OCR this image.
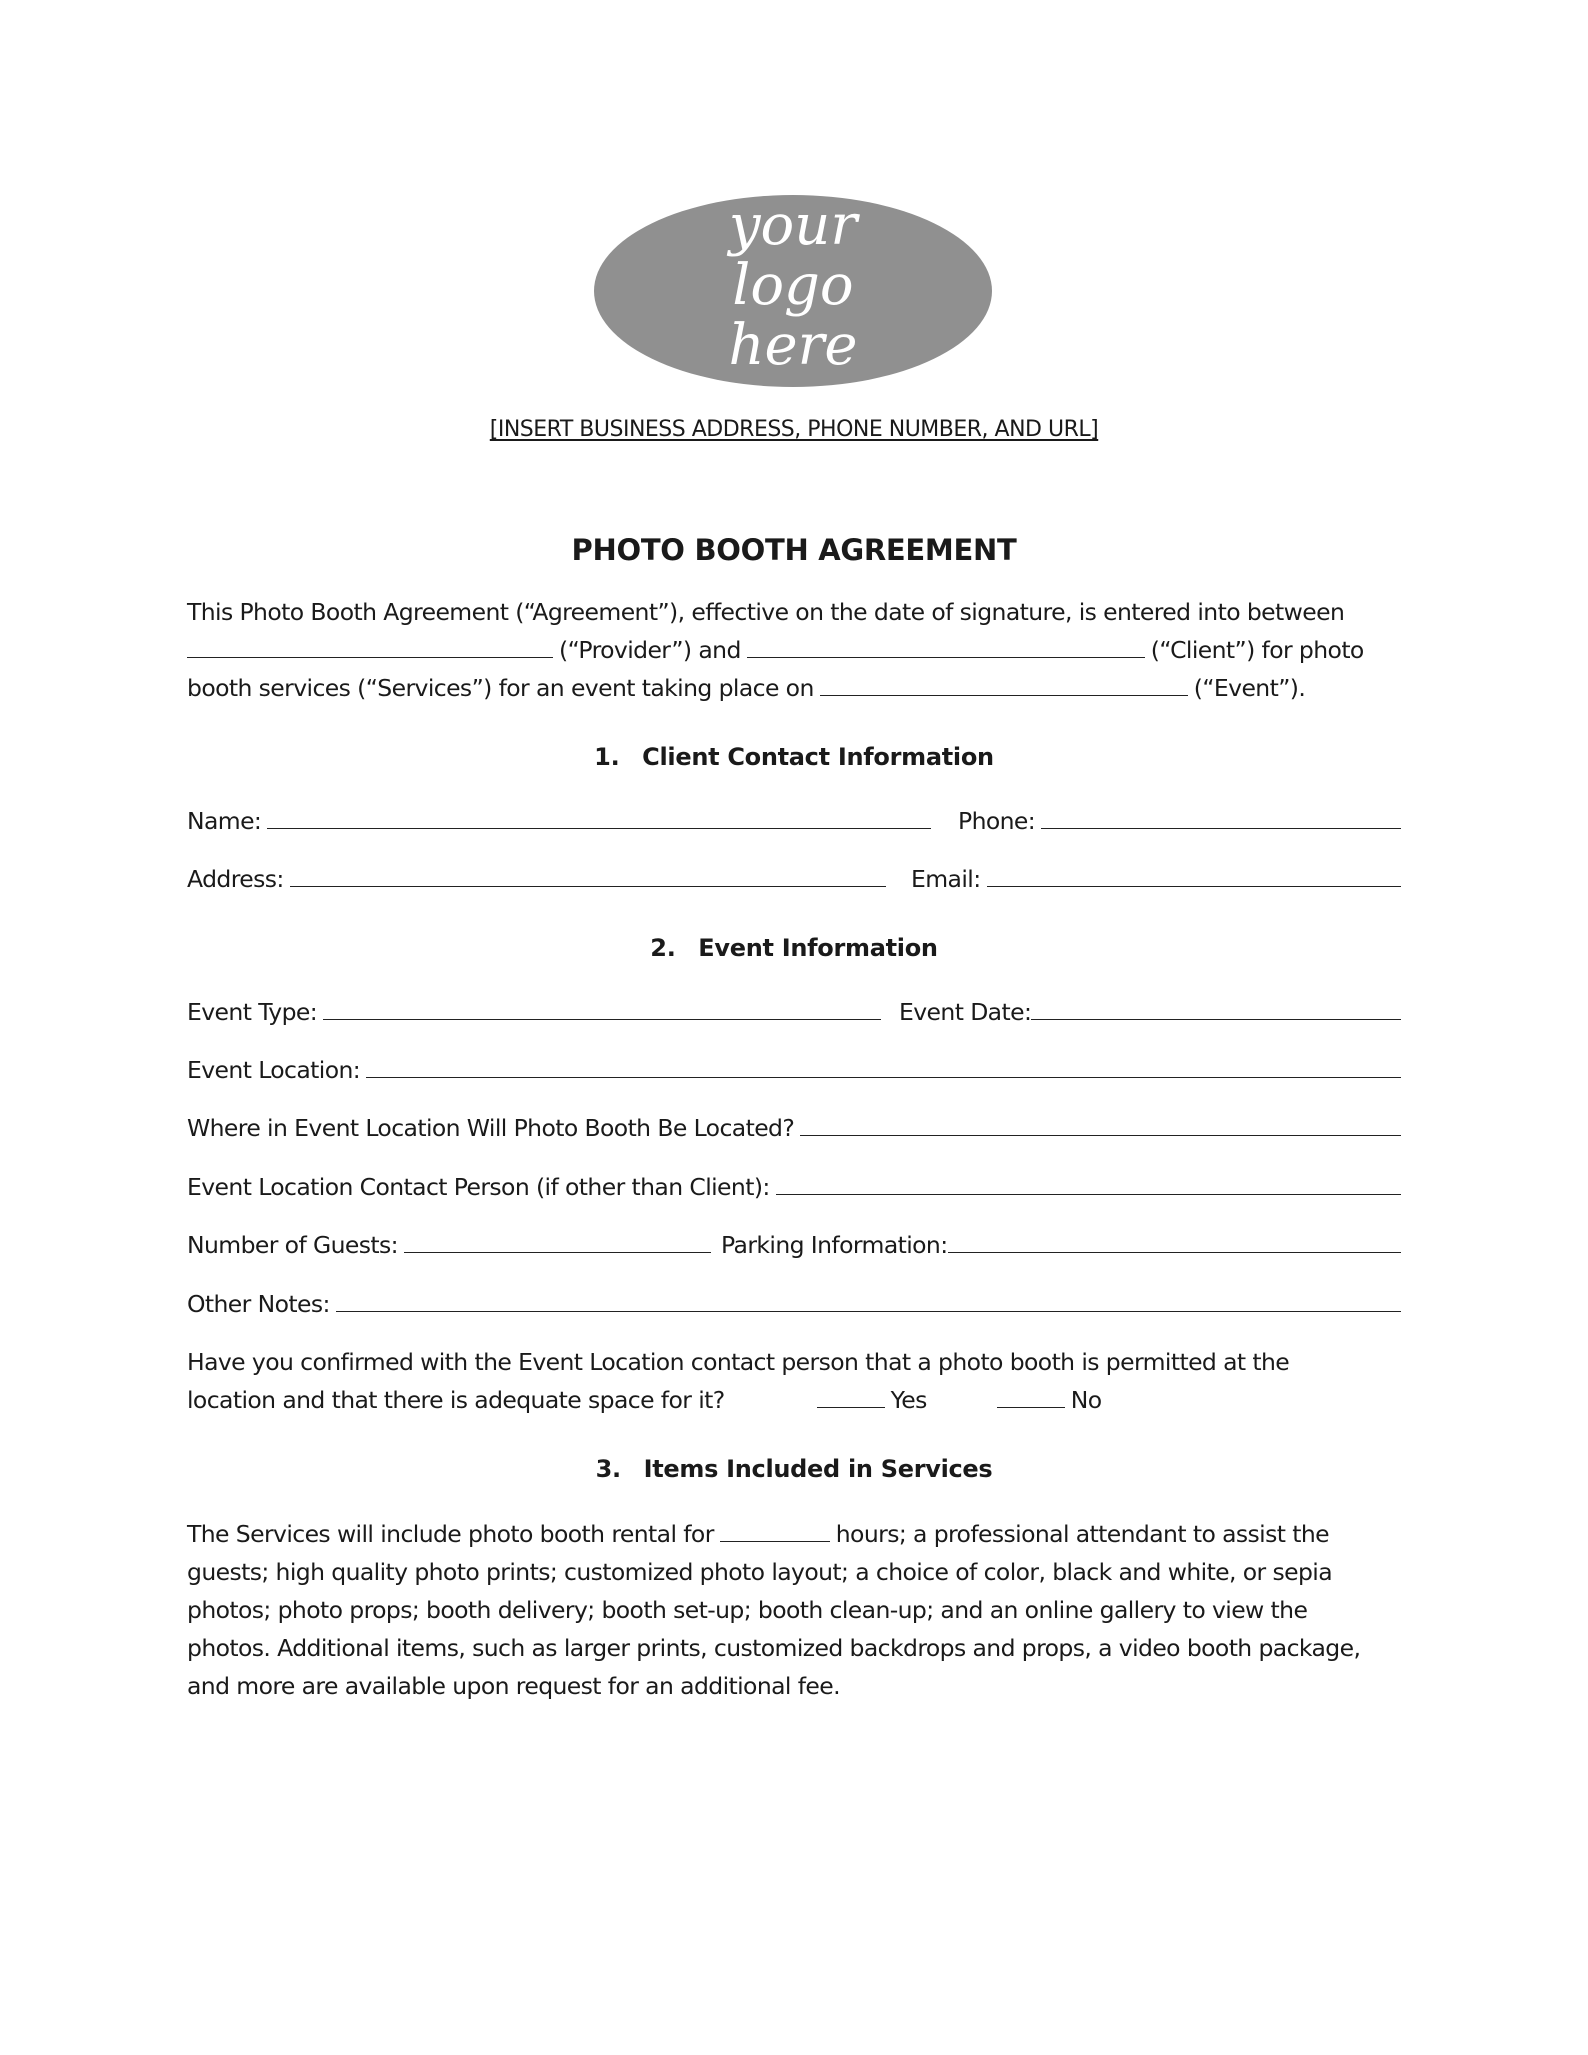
your
logo
here
[INSERT BUSINESS ADDRESS, PHONE NUMBER, AND URL]
PHOTO BOOTH AGREEMENT
This Photo Booth Agreement (“Agreement”), effective on the date of signature, is entered into between
(“Provider”) and	(“Client”) for photo
booth services (“Services”) for an event taking place on	(“Event”).
1. Client Contact Information
Name:	Phone:
Address:	Email:
2. Event Information
Event Type:	Event Date:
Event Location:
Where in Event Location Will Photo Booth Be Located?
Event Location Contact Person (if other than Client):
Number of Guests:	Parking Information:
Other Notes:
Have you confirmed with the Event Location contact person that a photo booth is permitted at the
location and that there is adequate space for it?	Yes	No
3. Items Included in Services
The Services will include photo booth rental for	hours; a professional attendant to assist the
guests; high quality photo prints; customized photo layout; a choice of color, black and white, or sepia
photos; photo props; booth delivery; booth set-up; booth clean-up; and an online gallery to view the
photos. Additional items, such as larger prints, customized backdrops and props, a video booth package,
and more are available upon request for an additional fee.
